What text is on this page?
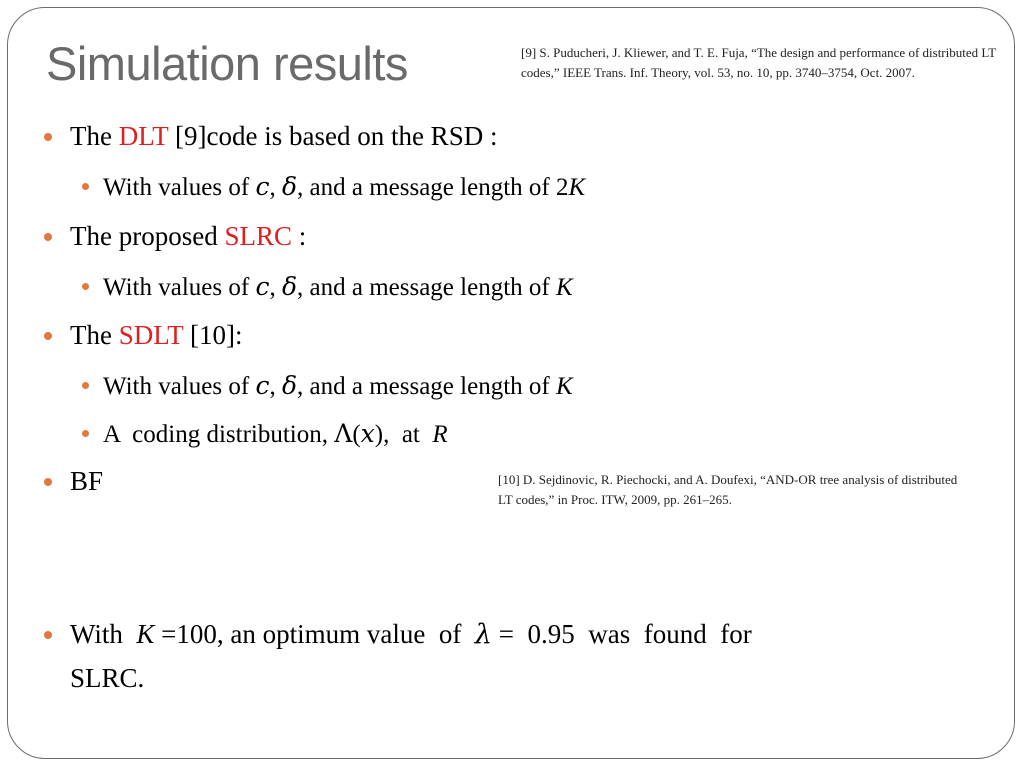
Simulation results	[9] S. Puducheri, J. Kliewer, and T. E. Fuja, “The design and performance of distributed LT codes,” IEEE Trans. Inf. Theory, vol. 53, no. 10, pp. 3740–3754, Oct. 2007.
The DLT [9]code is based on the RSD :
With values of c, δ, and a message length of 2K
The proposed SLRC :
With values of c, δ, and a message length of K
The SDLT [10]:
With values of c, δ, and a message length of K
A  coding distribution, Λ(x),  at  R
BF
With  K =100, an optimum value  of  λ =  0.95  was  found  for
SLRC.
[10] D. Sejdinovic, R. Piechocki, and A. Doufexi, “AND-OR tree analysis of distributed LT codes,” in Proc. ITW, 2009, pp. 261–265.
